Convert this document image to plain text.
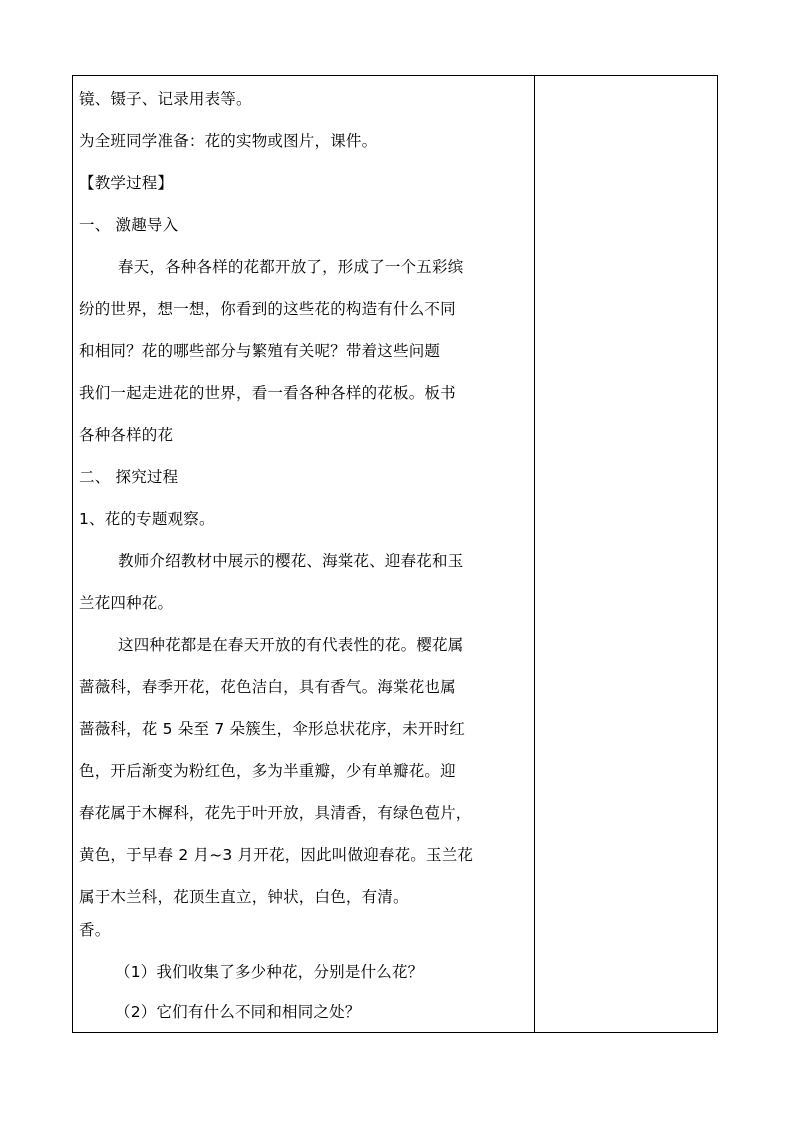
镜、镊子、记录用表等。
为全班同学准备：花的实物或图片，课件。
【教学过程】
一、 激趣导入
春天，各种各样的花都开放了，形成了一个五彩缤
纷的世界，想一想，你看到的这些花的构造有什么不同
和相同？花的哪些部分与繁殖有关呢？带着这些问题
我们一起走进花的世界，看一看各种各样的花板。板书
各种各样的花
二、 探究过程
1、花的专题观察。
教师介绍教材中展示的樱花、海棠花、迎春花和玉
兰花四种花。
这四种花都是在春天开放的有代表性的花。樱花属
蔷薇科，春季开花，花色洁白，具有香气。海棠花也属
蔷薇科，花 5 朵至 7 朵簇生，伞形总状花序，未开时红
色，开后渐变为粉红色，多为半重瓣，少有单瓣花。迎
春花属于木樨科，花先于叶开放，具清香，有绿色苞片，
黄色，于早春 2 月~3 月开花，因此叫做迎春花。玉兰花
属于木兰科，花顶生直立，钟状，白色，有清。
香。
（1）我们收集了多少种花，分别是什么花？
（2）它们有什么不同和相同之处？
